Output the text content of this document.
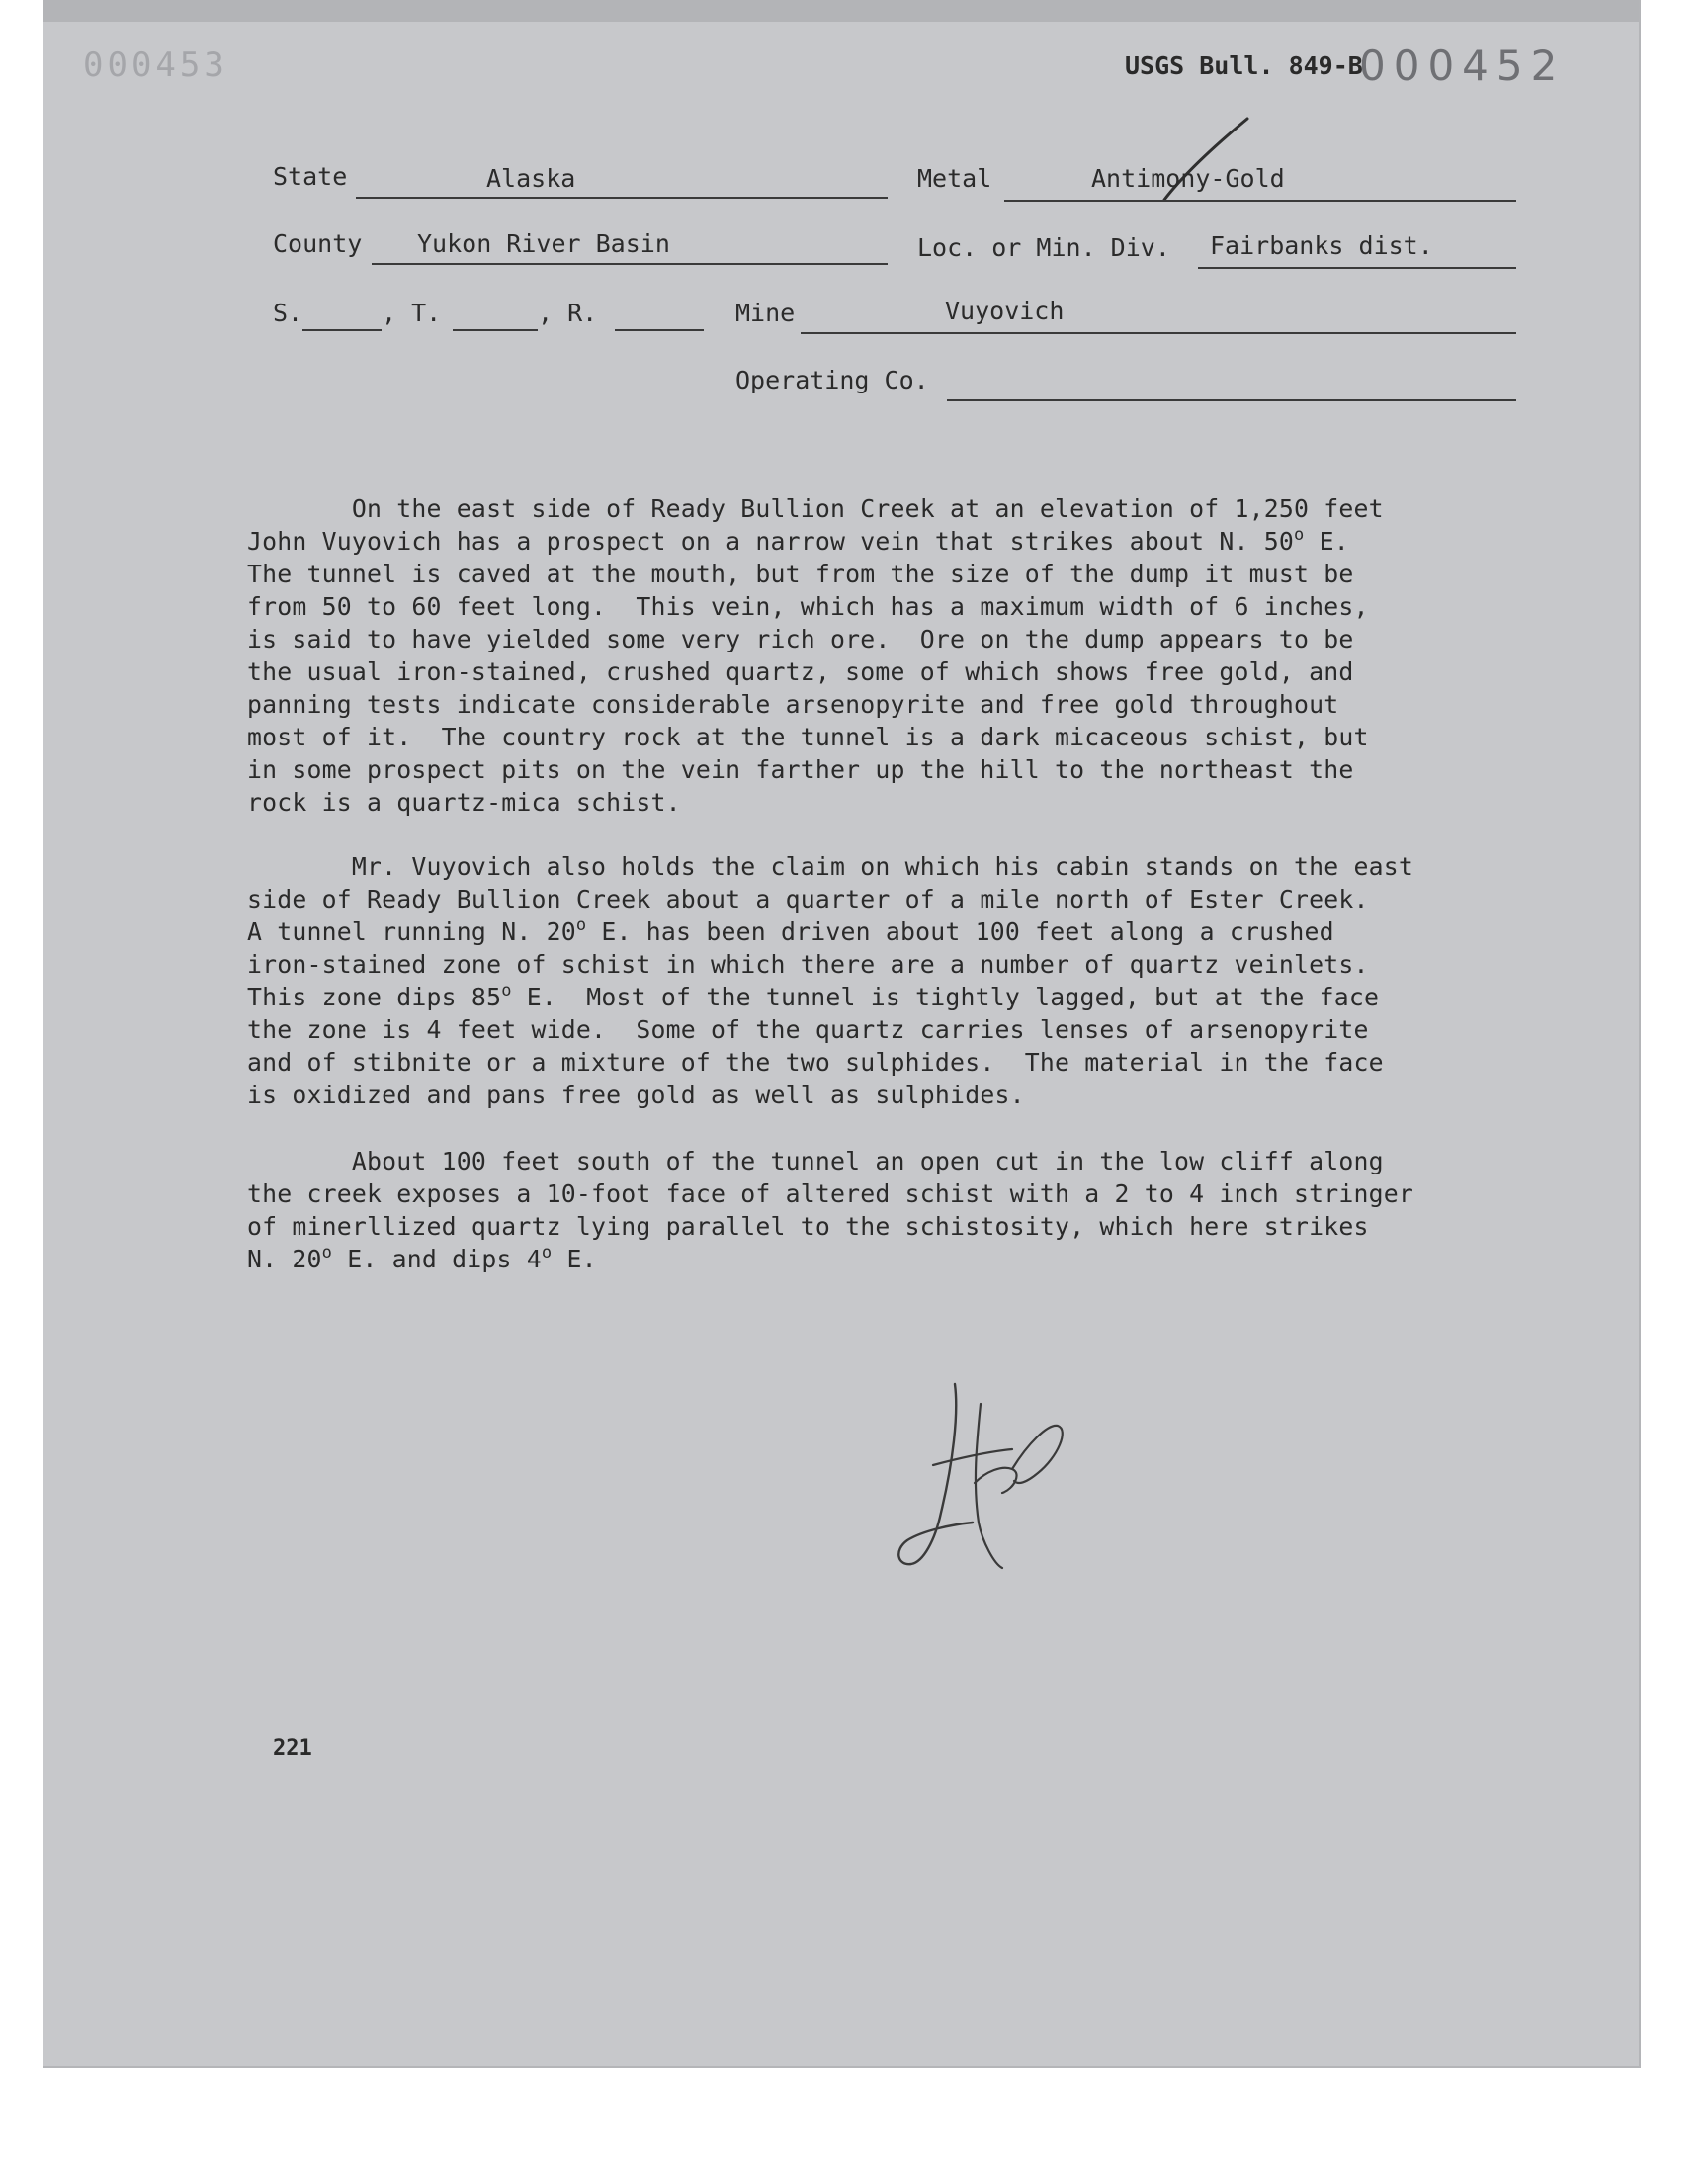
000453	USGS Bull. 849-B
000452
State	Alaska	Metal	Antimony-Gold
County Yukon River Basin	Loc. or Min. Div. Fairbanks dist.
S.	, T.	, R.	Mine	Vuyovich
Operating Co.
On the east side of Ready Bullion Creek at an elevation of 1,250 feet
John Vuyovich has a prospect on a narrow vein that strikes about N. 50$^o$ E.
The tunnel is caved at the mouth, but from the size of the dump it must be
from 50 to 60 feet long.  This vein, which has a maximum width of 6 inches,
is said to have yielded some very rich ore.  Ore on the dump appears to be
the usual iron-stained, crushed quartz, some of which shows free gold, and
panning tests indicate considerable arsenopyrite and free gold throughout
most of it.  The country rock at the tunnel is a dark micaceous schist, but
in some prospect pits on the vein farther up the hill to the northeast the
rock is a quartz-mica schist.
Mr. Vuyovich also holds the claim on which his cabin stands on the east
side of Ready Bullion Creek about a quarter of a mile north of Ester Creek.
A tunnel running N. 20$^o$ E. has been driven about 100 feet along a crushed
iron-stained zone of schist in which there are a number of quartz veinlets.
This zone dips 85$^o$ E.  Most of the tunnel is tightly lagged, but at the face
the zone is 4 feet wide.  Some of the quartz carries lenses of arsenopyrite
and of stibnite or a mixture of the two sulphides.  The material in the face
is oxidized and pans free gold as well as sulphides.
About 100 feet south of the tunnel an open cut in the low cliff along
the creek exposes a 10-foot face of altered schist with a 2 to 4 inch stringer
of minerllized quartz lying parallel to the schistosity, which here strikes
N. 20$^o$ E. and dips 4$^o$ E.
221
